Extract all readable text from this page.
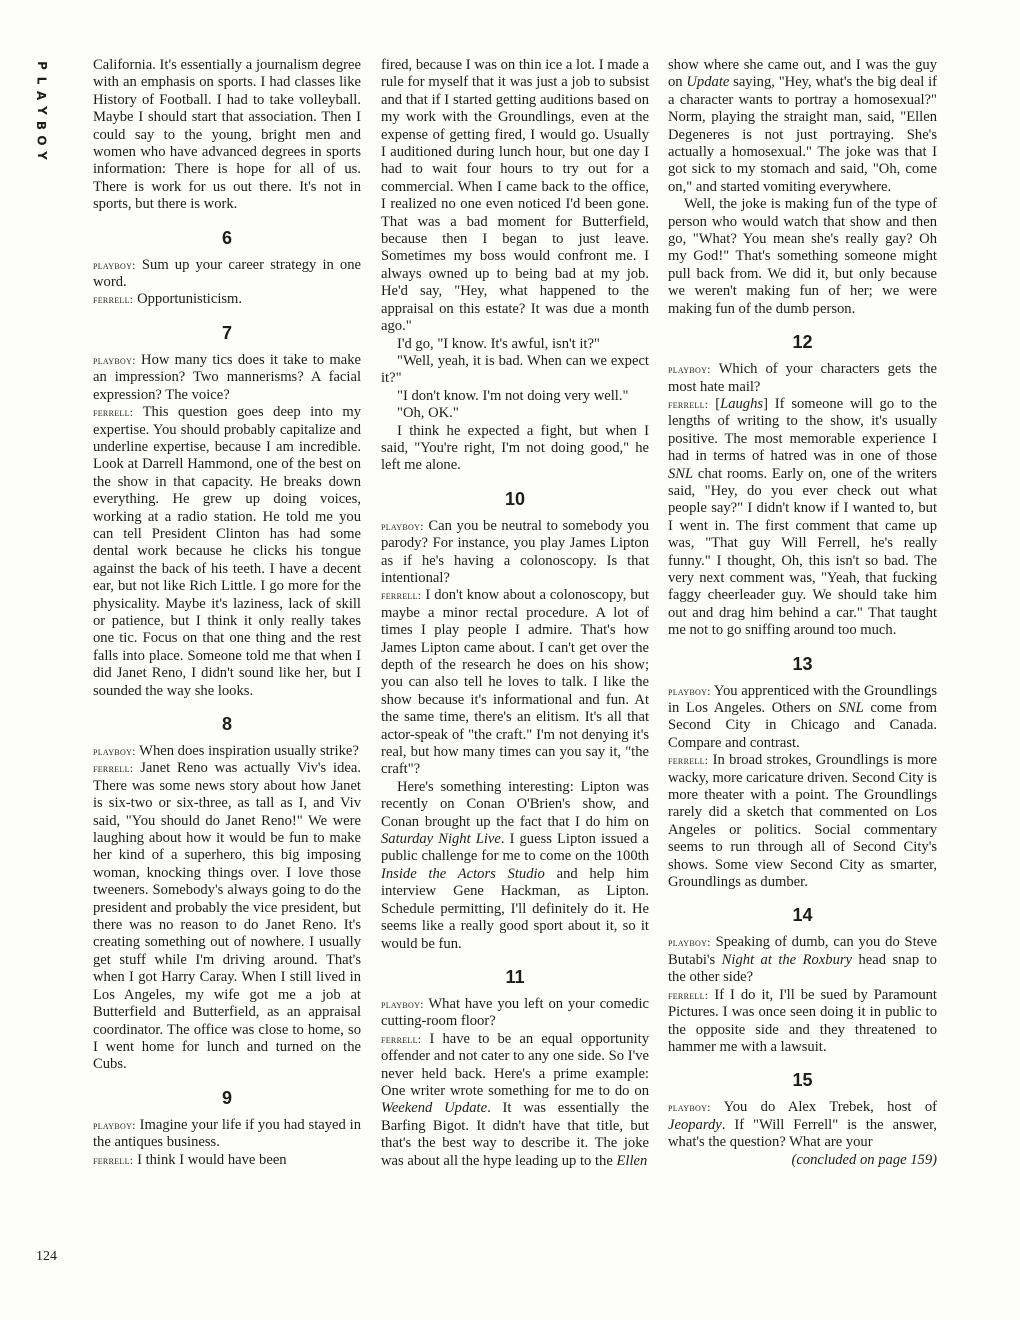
P
L
A
Y
B
O
Y
124

California. It's essentially a journalism degree with an emphasis on sports. I had classes like History of Football. I had to take volleyball. Maybe I should start that association. Then I could say to the young, bright men and women who have advanced degrees in sports information: There is hope for all of us. There is work for us out there. It's not in sports, but there is work.

6

playboy: Sum up your career strategy in one word.

ferrell: Opportunisticism.

7

playboy: How many tics does it take to make an impression? Two mannerisms? A facial expression? The voice?

ferrell: This question goes deep into my expertise. You should probably capitalize and underline expertise, because I am incredible. Look at Darrell Hammond, one of the best on the show in that capacity. He breaks down everything. He grew up doing voices, working at a radio station. He told me you can tell President Clinton has had some dental work because he clicks his tongue against the back of his teeth. I have a decent ear, but not like Rich Little. I go more for the physicality. Maybe it's laziness, lack of skill or patience, but I think it only really takes one tic. Focus on that one thing and the rest falls into place. Someone told me that when I did Janet Reno, I didn't sound like her, but I sounded the way she looks.

8

playboy: When does inspiration usually strike?

ferrell: Janet Reno was actually Viv's idea. There was some news story about how Janet is six-two or six-three, as tall as I, and Viv said, "You should do Janet Reno!" We were laughing about how it would be fun to make her kind of a superhero, this big imposing woman, knocking things over. I love those tweeners. Somebody's always going to do the president and probably the vice president, but there was no reason to do Janet Reno. It's creating something out of nowhere. I usually get stuff while I'm driving around. That's when I got Harry Caray. When I still lived in Los Angeles, my wife got me a job at Butterfield and Butterfield, as an appraisal coordinator. The office was close to home, so I went home for lunch and turned on the Cubs.

9

playboy: Imagine your life if you had stayed in the antiques business.

ferrell: I think I would have been

fired, because I was on thin ice a lot. I made a rule for myself that it was just a job to subsist and that if I started getting auditions based on my work with the Groundlings, even at the expense of getting fired, I would go. Usually I auditioned during lunch hour, but one day I had to wait four hours to try out for a commercial. When I came back to the office, I realized no one even noticed I'd been gone. That was a bad moment for Butterfield, because then I began to just leave. Sometimes my boss would confront me. I always owned up to being bad at my job. He'd say, "Hey, what happened to the appraisal on this estate? It was due a month ago."

I'd go, "I know. It's awful, isn't it?"

"Well, yeah, it is bad. When can we expect it?"

"I don't know. I'm not doing very well."

"Oh, OK."

I think he expected a fight, but when I said, "You're right, I'm not doing good," he left me alone.

10

playboy: Can you be neutral to somebody you parody? For instance, you play James Lipton as if he's having a colonoscopy. Is that intentional?

ferrell: I don't know about a colonoscopy, but maybe a minor rectal procedure. A lot of times I play people I admire. That's how James Lipton came about. I can't get over the depth of the research he does on his show; you can also tell he loves to talk. I like the show because it's informational and fun. At the same time, there's an elitism. It's all that actor-speak of "the craft." I'm not denying it's real, but how many times can you say it, "the craft"?

Here's something interesting: Lipton was recently on Conan O'Brien's show, and Conan brought up the fact that I do him on Saturday Night Live. I guess Lipton issued a public challenge for me to come on the 100th Inside the Actors Studio and help him interview Gene Hackman, as Lipton. Schedule permitting, I'll definitely do it. He seems like a really good sport about it, so it would be fun.

11

playboy: What have you left on your comedic cutting-room floor?

ferrell: I have to be an equal opportunity offender and not cater to any one side. So I've never held back. Here's a prime example: One writer wrote something for me to do on Weekend Update. It was essentially the Barfing Bigot. It didn't have that title, but that's the best way to describe it. The joke was about all the hype leading up to the Ellen

show where she came out, and I was the guy on Update saying, "Hey, what's the big deal if a character wants to portray a homosexual?" Norm, playing the straight man, said, "Ellen Degeneres is not just portraying. She's actually a homosexual." The joke was that I got sick to my stomach and said, "Oh, come on," and started vomiting everywhere.

Well, the joke is making fun of the type of person who would watch that show and then go, "What? You mean she's really gay? Oh my God!" That's something someone might pull back from. We did it, but only because we weren't making fun of her; we were making fun of the dumb person.

12

playboy: Which of your characters gets the most hate mail?

ferrell: [Laughs] If someone will go to the lengths of writing to the show, it's usually positive. The most memorable experience I had in terms of hatred was in one of those SNL chat rooms. Early on, one of the writers said, "Hey, do you ever check out what people say?" I didn't know if I wanted to, but I went in. The first comment that came up was, "That guy Will Ferrell, he's really funny." I thought, Oh, this isn't so bad. The very next comment was, "Yeah, that fucking faggy cheerleader guy. We should take him out and drag him behind a car." That taught me not to go sniffing around too much.

13

playboy: You apprenticed with the Groundlings in Los Angeles. Others on SNL come from Second City in Chicago and Canada. Compare and contrast.

ferrell: In broad strokes, Groundlings is more wacky, more caricature driven. Second City is more theater with a point. The Groundlings rarely did a sketch that commented on Los Angeles or politics. Social commentary seems to run through all of Second City's shows. Some view Second City as smarter, Groundlings as dumber.

14

playboy: Speaking of dumb, can you do Steve Butabi's Night at the Roxbury head snap to the other side?

ferrell: If I do it, I'll be sued by Paramount Pictures. I was once seen doing it in public to the opposite side and they threatened to hammer me with a lawsuit.

15

playboy: You do Alex Trebek, host of Jeopardy. If "Will Ferrell" is the answer, what's the question? What are your

(concluded on page 159)
